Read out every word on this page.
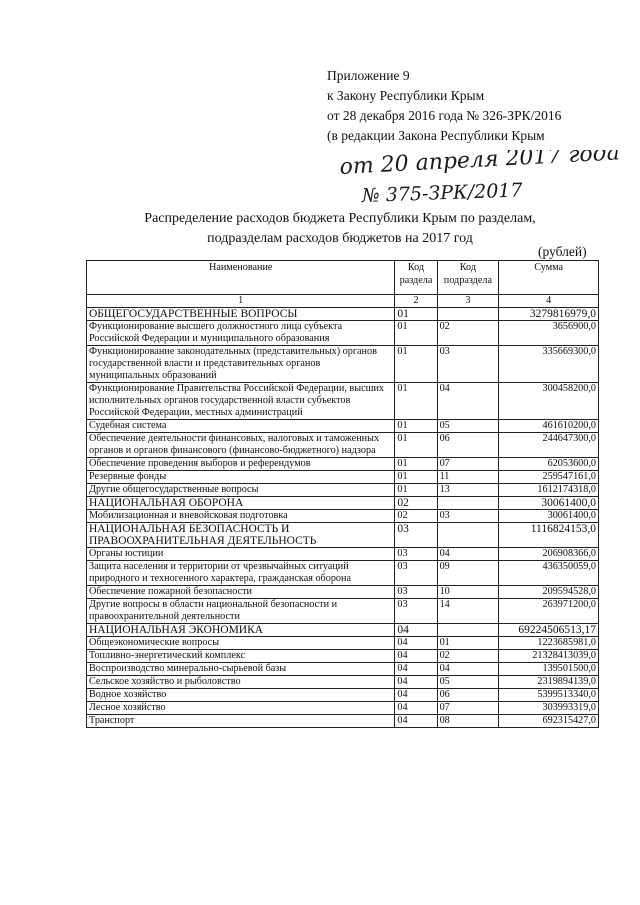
Приложение 9
к Закону Республики Крым
от 28 декабря 2016 года № 326-ЗРК/2016
(в редакции Закона Республики Крым
от 20 апреля 2017 года
№ 375-ЗРК/2017
Распределение расходов бюджета Республики Крым по разделам,
подразделам расходов бюджетов на 2017 год
(рублей)
Наименование	Код раздела	Код подраздела	Сумма
1	2	3	4
ОБЩЕГОСУДАРСТВЕННЫЕ ВОПРОСЫ	01		3279816979,0
Функционирование высшего должностного лица субъекта Российской Федерации и муниципального образования	01	02	3656900,0
Функционирование законодательных (представительных) органов государственной власти и представительных органов муниципальных образований	01	03	335669300,0
Функционирование Правительства Российской Федерации, высших исполнительных органов государственной власти субъектов Российской Федерации, местных администраций	01	04	300458200,0
Судебная система	01	05	461610200,0
Обеспечение деятельности финансовых, налоговых и таможенных органов и органов финансового (финансово-бюджетного) надзора	01	06	244647300,0
Обеспечение проведения выборов и референдумов	01	07	62053600,0
Резервные фонды	01	11	259547161,0
Другие общегосударственные вопросы	01	13	1612174318,0
НАЦИОНАЛЬНАЯ ОБОРОНА	02		30061400,0
Мобилизационная и вневойсковая подготовка	02	03	30061400,0
НАЦИОНАЛЬНАЯ БЕЗОПАСНОСТЬ И ПРАВООХРАНИТЕЛЬНАЯ ДЕЯТЕЛЬНОСТЬ	03		1116824153,0
Органы юстиции	03	04	206908366,0
Защита населения и территории от чрезвычайных ситуаций природного и техногенного характера, гражданская оборона	03	09	436350059,0
Обеспечение пожарной безопасности	03	10	209594528,0
Другие вопросы в области национальной безопасности и правоохранительной деятельности	03	14	263971200,0
НАЦИОНАЛЬНАЯ ЭКОНОМИКА	04		69224506513,17
Общеэкономические вопросы	04	01	1223685981,0
Топливно-энергетический комплекс	04	02	21328413039,0
Воспроизводство минерально-сырьевой базы	04	04	139501500,0
Сельское хозяйство и рыболовство	04	05	2319894139,0
Водное хозяйство	04	06	5399513340,0
Лесное хозяйство	04	07	303993319,0
Транспорт	04	08	692315427,0
